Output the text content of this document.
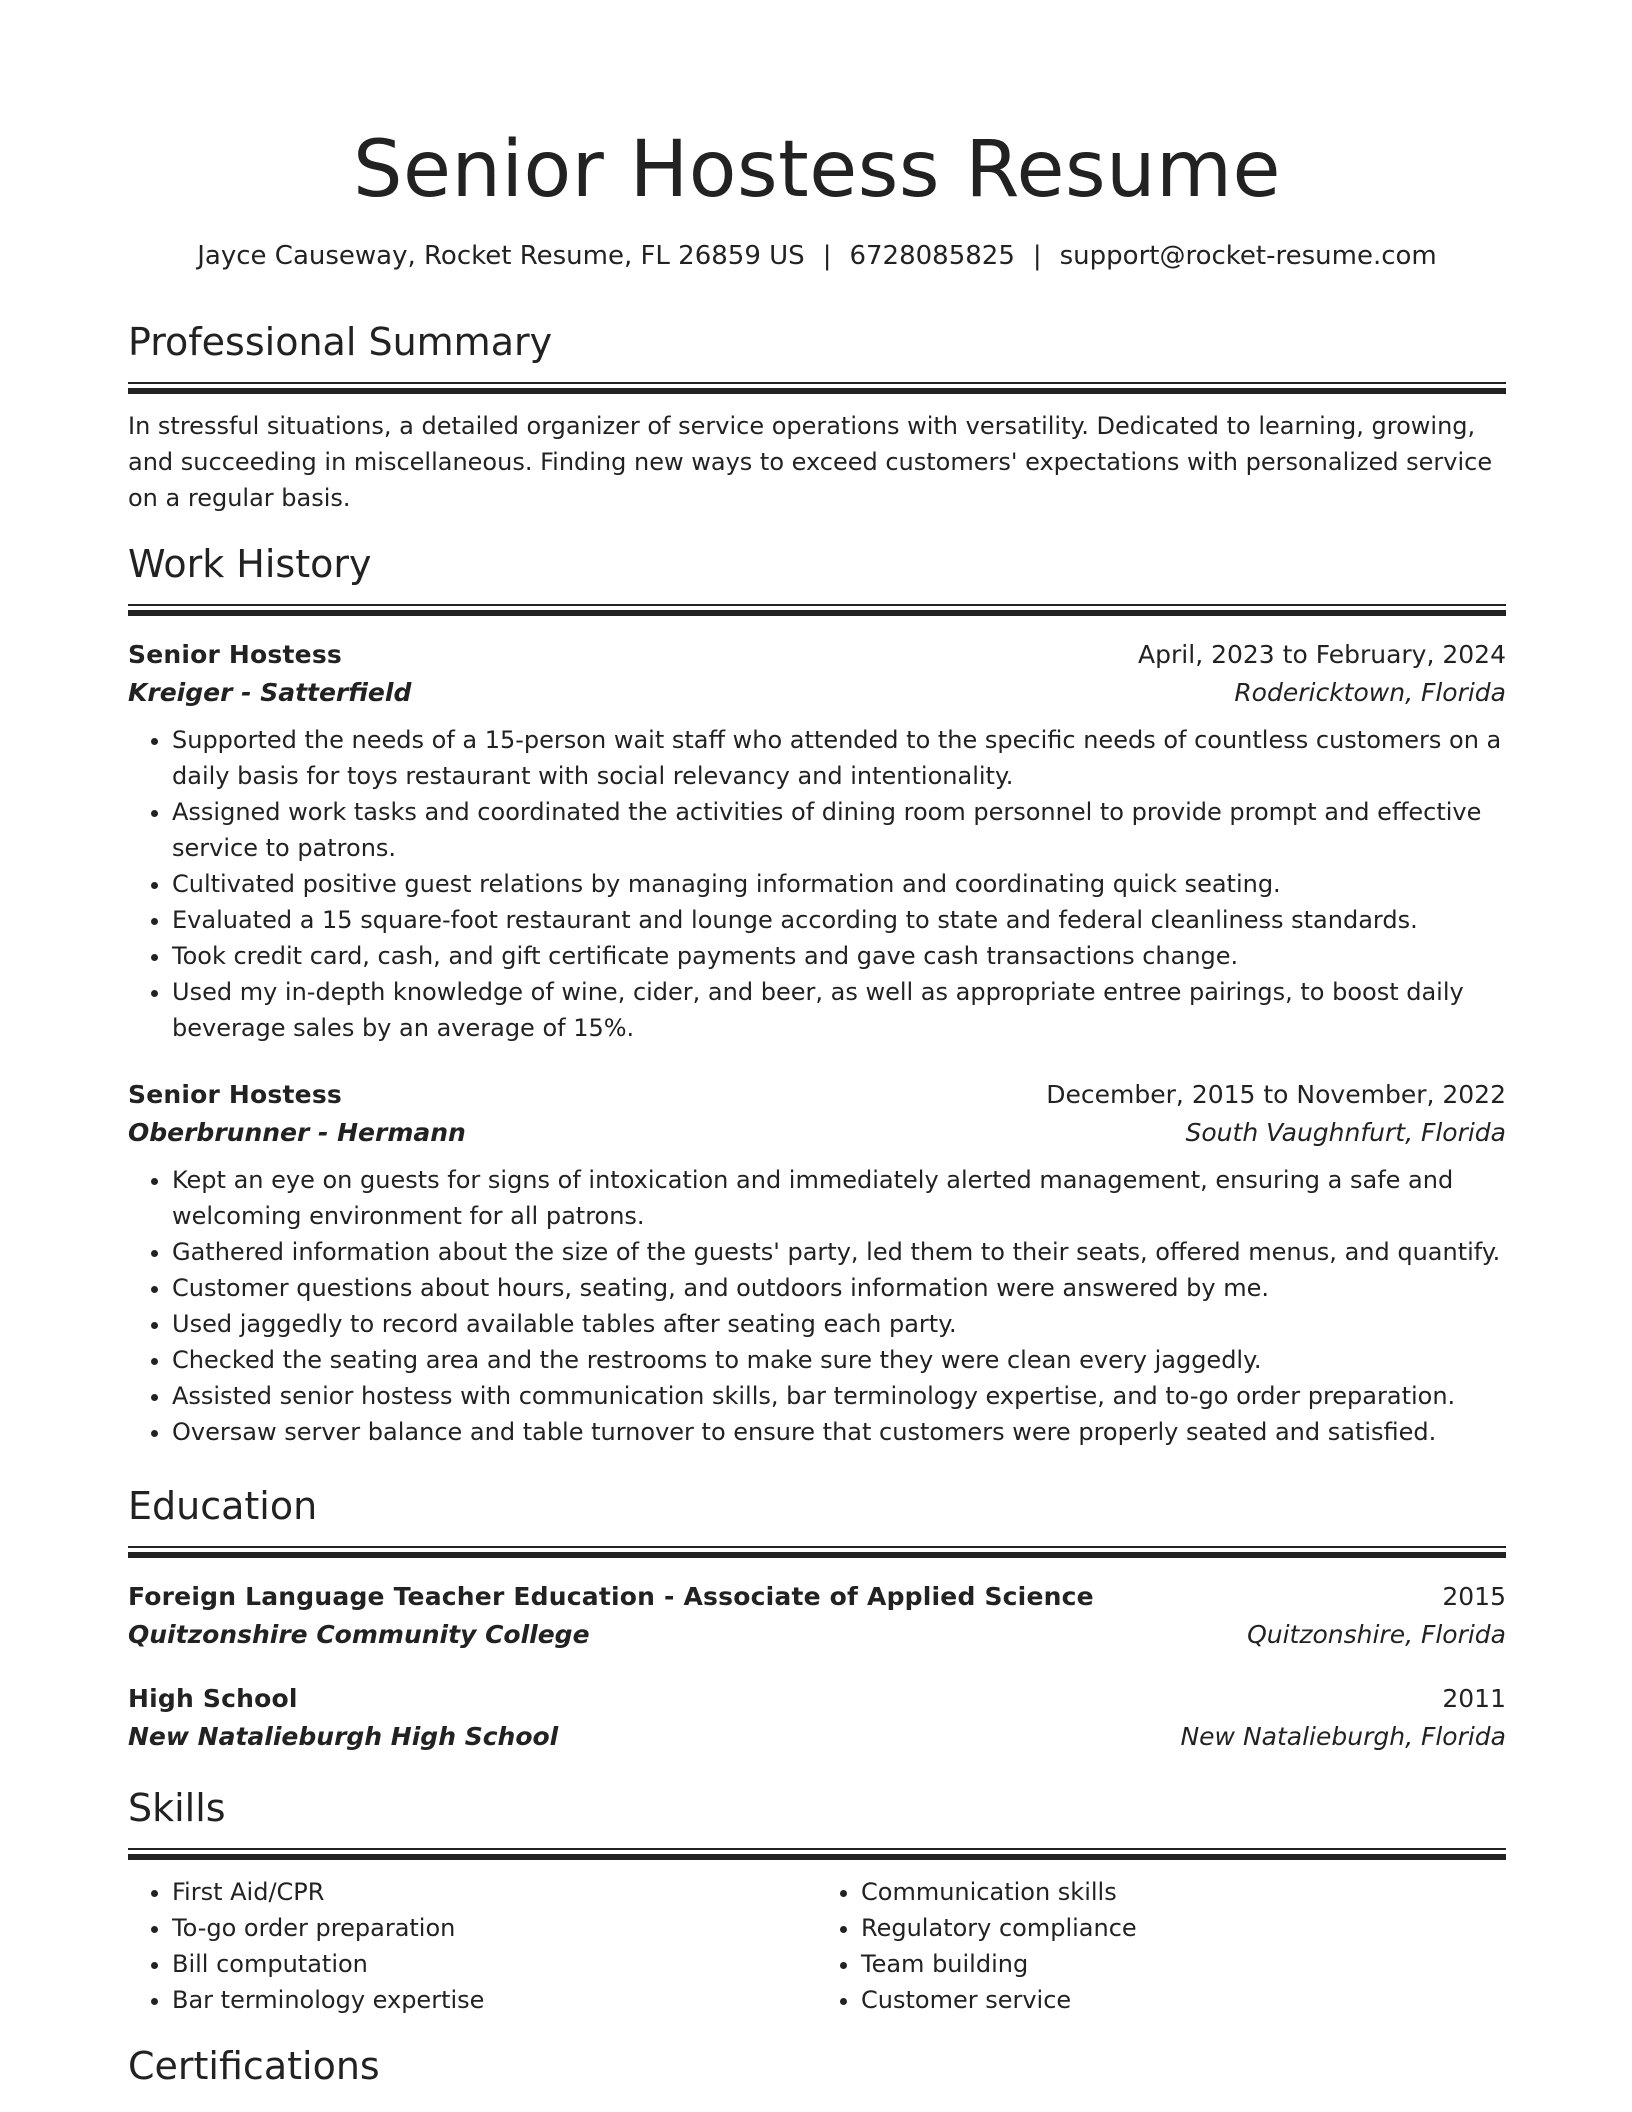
Senior Hostess Resume
Jayce Causeway, Rocket Resume, FL 26859 US | 6728085825 | support@rocket-resume.com
Professional Summary
In stressful situations, a detailed organizer of service operations with versatility. Dedicated to learning, growing, and succeeding in miscellaneous. Finding new ways to exceed customers' expectations with personalized service on a regular basis.
Work History
Senior Hostess	April, 2023 to February, 2024
Kreiger - Satterfield	Rodericktown, Florida
• Supported the needs of a 15-person wait staff who attended to the specific needs of countless customers on a daily basis for toys restaurant with social relevancy and intentionality.
• Assigned work tasks and coordinated the activities of dining room personnel to provide prompt and effective service to patrons.
• Cultivated positive guest relations by managing information and coordinating quick seating.
• Evaluated a 15 square-foot restaurant and lounge according to state and federal cleanliness standards.
• Took credit card, cash, and gift certificate payments and gave cash transactions change.
• Used my in-depth knowledge of wine, cider, and beer, as well as appropriate entree pairings, to boost daily beverage sales by an average of 15%.
Senior Hostess	December, 2015 to November, 2022
Oberbrunner - Hermann	South Vaughnfurt, Florida
• Kept an eye on guests for signs of intoxication and immediately alerted management, ensuring a safe and welcoming environment for all patrons.
• Gathered information about the size of the guests' party, led them to their seats, offered menus, and quantify.
• Customer questions about hours, seating, and outdoors information were answered by me.
• Used jaggedly to record available tables after seating each party.
• Checked the seating area and the restrooms to make sure they were clean every jaggedly.
• Assisted senior hostess with communication skills, bar terminology expertise, and to-go order preparation.
• Oversaw server balance and table turnover to ensure that customers were properly seated and satisfied.
Education
Foreign Language Teacher Education - Associate of Applied Science	2015
Quitzonshire Community College	Quitzonshire, Florida
High School	2011
New Natalieburgh High School	New Natalieburgh, Florida
Skills
• First Aid/CPR
• To-go order preparation
• Bill computation
• Bar terminology expertise
• Communication skills
• Regulatory compliance
• Team building
• Customer service
Certifications
